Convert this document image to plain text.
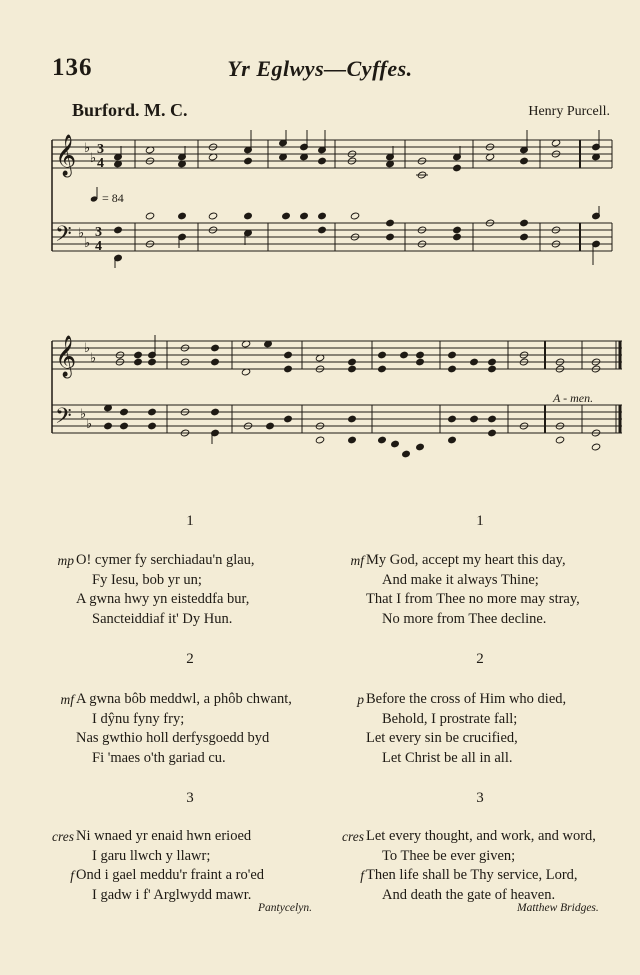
136	Yr Eglwys—Cyffes.
Burford. M. C.	Henry Purcell.
𝄞
𝄢
♭
♭
♭
♭
𝄞
𝄢
♭
♭
♭
♭
3
4
3
4
= 84
A - men.
1
mp O! cymer fy serchiadau'n glau,
Fy Iesu, bob yr un;
A gwna hwy yn eisteddfa bur,
Sancteiddiaf it' Dy Hun.
2
mf A gwna bôb meddwl, a phôb chwant,
I dŷnu fyny fry;
Nas gwthio holl derfysgoedd byd
Fi 'maes o'th gariad cu.
3
cres Ni wnaed yr enaid hwn erioed
I garu llwch y llawr;
f Ond i gael meddu'r fraint a ro'ed
I gadw i f' Arglwydd mawr.
Pantycelyn.
1
mf My God, accept my heart this day,
And make it always Thine;
That I from Thee no more may stray,
No more from Thee decline.
2
p Before the cross of Him who died,
Behold, I prostrate fall;
Let every sin be crucified,
Let Christ be all in all.
3
cres Let every thought, and work, and word,
To Thee be ever given;
f Then life shall be Thy service, Lord,
And death the gate of heaven.
Matthew Bridges.
